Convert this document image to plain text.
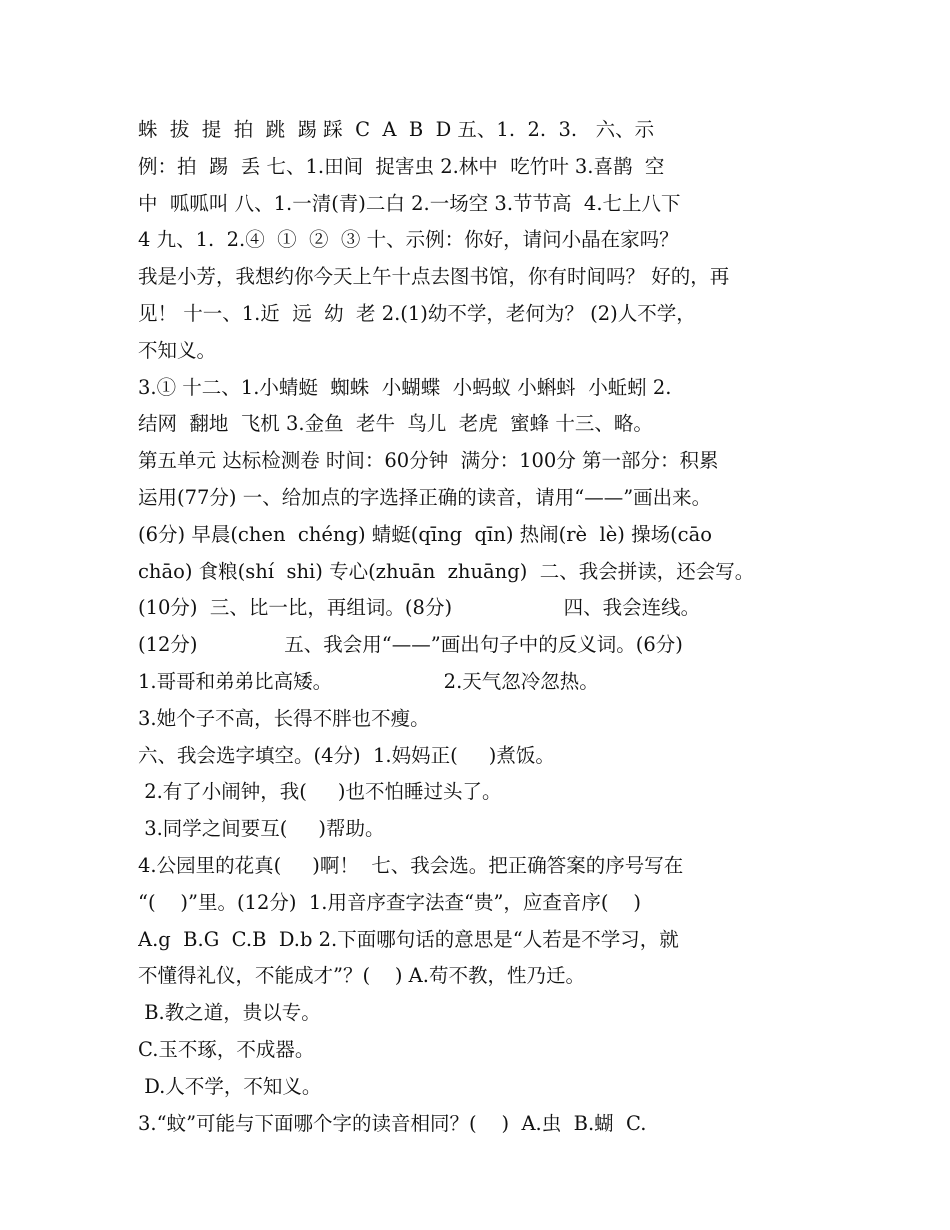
蛛  拔  提  拍  跳  踢 踩  C  A  B  D 五、1.  2.  3.   六、示
例：拍  踢  丢 七、1.田间  捉害虫 2.林中  吃竹叶 3.喜鹊  空
中  呱呱叫 八、1.一清(青)二白 2.一场空 3.节节高  4.七上八下
4 九、1.  2.④  ①  ②  ③ 十、示例：你好，请问小晶在家吗？
我是小芳，我想约你今天上午十点去图书馆，你有时间吗？ 好的，再
见！ 十一、1.近  远  幼  老 2.(1)幼不学，老何为？ (2)人不学，
不知义。
3.① 十二、1.小蜻蜓  蜘蛛  小蝴蝶  小蚂蚁 小蝌蚪  小蚯蚓 2.
结网  翻地  飞机 3.金鱼  老牛  鸟儿  老虎  蜜蜂 十三、略。
第五单元 达标检测卷 时间：60分钟  满分：100分 第一部分：积累
运用(77分) 一、给加点的字选择正确的读音，请用“——”画出来。
(6分) 早晨(chen  chéng) 蜻蜓(qīng  qīn) 热闹(rè  lè) 操场(cāo
chāo) 食粮(shí  shi) 专心(zhuān  zhuāng)  二、我会拼读，还会写。
(10分)  三、比一比，再组词。(8分)                  四、我会连线。
(12分)              五、我会用“——”画出句子中的反义词。(6分)
1.哥哥和弟弟比高矮。                  2.天气忽冷忽热。
3.她个子不高，长得不胖也不瘦。
六、我会选字填空。(4分)  1.妈妈正(     )煮饭。
2.有了小闹钟，我(     )也不怕睡过头了。
3.同学之间要互(     )帮助。
4.公园里的花真(     )啊！  七、我会选。把正确答案的序号写在
“(    )”里。(12分)  1.用音序查字法查“贵”，应查音序(    )
A.g  B.G  C.B  D.b 2.下面哪句话的意思是“人若是不学习，就
不懂得礼仪，不能成才”？(    ) A.苟不教，性乃迁。
B.教之道，贵以专。
C.玉不琢，不成器。
D.人不学，不知义。
3.“蚊”可能与下面哪个字的读音相同？(    )  A.虫  B.蝴  C.
